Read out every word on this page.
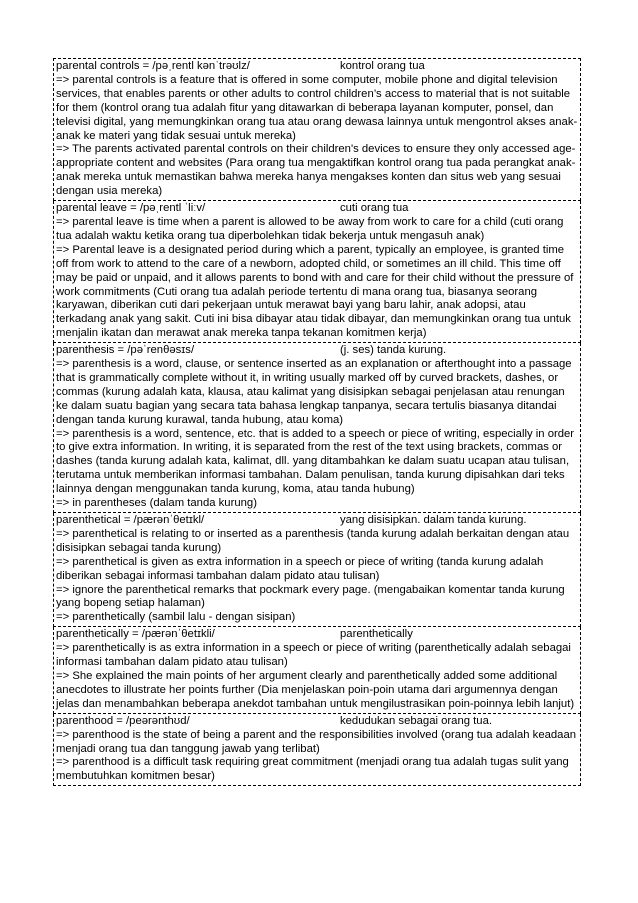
parental controls = /pəˌrentl kənˈtrəʊlz/	kontrol orang tua
=> parental controls is a feature that is offered in some computer, mobile phone and digital television services, that enables parents or other adults to control children’s access to material that is not suitable for them (kontrol orang tua adalah fitur yang ditawarkan di beberapa layanan komputer, ponsel, dan televisi digital, yang memungkinkan orang tua atau orang dewasa lainnya untuk mengontrol akses anak-anak ke materi yang tidak sesuai untuk mereka)
=> The parents activated parental controls on their children's devices to ensure they only accessed age-appropriate content and websites (Para orang tua mengaktifkan kontrol orang tua pada perangkat anak-anak mereka untuk memastikan bahwa mereka hanya mengakses konten dan situs web yang sesuai dengan usia mereka)
parental leave = /pəˌrentl ˈliːv/	cuti orang tua
=> parental leave is time when a parent is allowed to be away from work to care for a child (cuti orang tua adalah waktu ketika orang tua diperbolehkan tidak bekerja untuk mengasuh anak)
=> Parental leave is a designated period during which a parent, typically an employee, is granted time off from work to attend to the care of a newborn, adopted child, or sometimes an ill child. This time off may be paid or unpaid, and it allows parents to bond with and care for their child without the pressure of work commitments (Cuti orang tua adalah periode tertentu di mana orang tua, biasanya seorang karyawan, diberikan cuti dari pekerjaan untuk merawat bayi yang baru lahir, anak adopsi, atau terkadang anak yang sakit. Cuti ini bisa dibayar atau tidak dibayar, dan memungkinkan orang tua untuk menjalin ikatan dan merawat anak mereka tanpa tekanan komitmen kerja)
parenthesis = /pəˈrenθəsɪs/	(j. ses) tanda kurung.
=> parenthesis is a word, clause, or sentence inserted as an explanation or afterthought into a passage that is grammatically complete without it, in writing usually marked off by curved brackets, dashes, or commas (kurung adalah kata, klausa, atau kalimat yang disisipkan sebagai penjelasan atau renungan ke dalam suatu bagian yang secara tata bahasa lengkap tanpanya, secara tertulis biasanya ditandai dengan tanda kurung kurawal, tanda hubung, atau koma)
=> parenthesis is a word, sentence, etc. that is added to a speech or piece of writing, especially in order to give extra information. In writing, it is separated from the rest of the text using brackets, commas or dashes (tanda kurung adalah kata, kalimat, dll. yang ditambahkan ke dalam suatu ucapan atau tulisan, terutama untuk memberikan informasi tambahan. Dalam penulisan, tanda kurung dipisahkan dari teks lainnya dengan menggunakan tanda kurung, koma, atau tanda hubung)
=> in parentheses (dalam tanda kurung)
parenthetical = /pærənˈθetɪkl/	yang disisipkan. dalam tanda kurung.
=> parenthetical is relating to or inserted as a parenthesis (tanda kurung adalah berkaitan dengan atau disisipkan sebagai tanda kurung)
=> parenthetical is given as extra information in a speech or piece of writing (tanda kurung adalah diberikan sebagai informasi tambahan dalam pidato atau tulisan)
=> ignore the parenthetical remarks that pockmark every page. (mengabaikan komentar tanda kurung yang bopeng setiap halaman)
=> parenthetically (sambil lalu - dengan sisipan)
parenthetically = /pærənˈθetɪkli/	parenthetically
=> parenthetically is as extra information in a speech or piece of writing (parenthetically adalah sebagai informasi tambahan dalam pidato atau tulisan)
=> She explained the main points of her argument clearly and parenthetically added some additional anecdotes to illustrate her points further (Dia menjelaskan poin-poin utama dari argumennya dengan jelas dan menambahkan beberapa anekdot tambahan untuk mengilustrasikan poin-poinnya lebih lanjut)
parenthood = /peərənthʊd/	kedudukan sebagai orang tua.
=> parenthood is the state of being a parent and the responsibilities involved (orang tua adalah keadaan menjadi orang tua dan tanggung jawab yang terlibat)
=> parenthood is a difficult task requiring great commitment (menjadi orang tua adalah tugas sulit yang membutuhkan komitmen besar)
